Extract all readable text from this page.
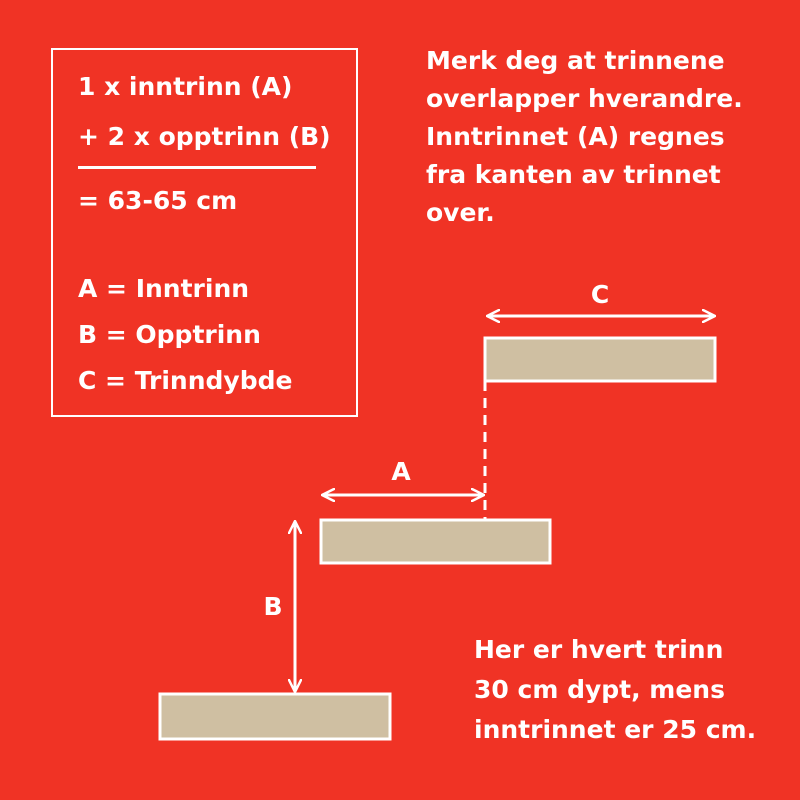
1 x inntrinn (A)
+ 2 x opptrinn (B)
= 63-65 cm
A = Inntrinn
B = Opptrinn
C = Trinndybde
Merk deg at trinnene
overlapper hverandre.
Inntrinnet (A) regnes
fra kanten av trinnet
over.
Her er hvert trinn
30 cm dypt, mens
inntrinnet er 25 cm.
C
A
B
